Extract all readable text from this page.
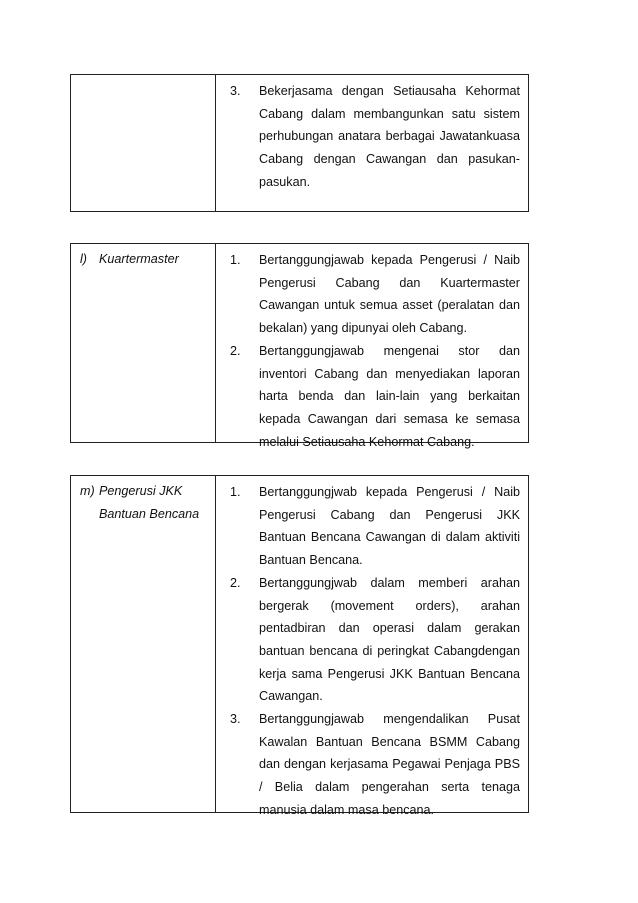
3. Bekerjasama dengan Setiausaha Kehormat Cabang dalam membangunkan satu sistem perhubungan anatara berbagai Jawatankuasa Cabang dengan Cawangan dan pasukan-pasukan.
l) Kuartermaster	1. Bertanggungjawab kepada Pengerusi / Naib Pengerusi Cabang dan Kuartermaster Cawangan untuk semua asset (peralatan dan bekalan) yang dipunyai oleh Cabang.
2. Bertanggungjawab mengenai stor dan inventori Cabang dan menyediakan laporan harta benda dan lain-lain yang berkaitan kepada Cawangan dari semasa ke semasa melalui Setiausaha Kehormat Cabang.
m) Pengerusi JKK
Bantuan Bencana
1. Bertanggungjwab kepada Pengerusi / Naib Pengerusi Cabang dan Pengerusi JKK Bantuan Bencana Cawangan di dalam aktiviti Bantuan Bencana.
2. Bertanggungjwab dalam memberi arahan bergerak (movement orders), arahan pentadbiran dan operasi dalam gerakan bantuan bencana di peringkat Cabangdengan kerja sama Pengerusi JKK Bantuan Bencana Cawangan.
3. Bertanggungjawab mengendalikan Pusat Kawalan Bantuan Bencana BSMM Cabang dan dengan kerjasama Pegawai Penjaga PBS / Belia dalam pengerahan serta tenaga manusia dalam masa bencana.
